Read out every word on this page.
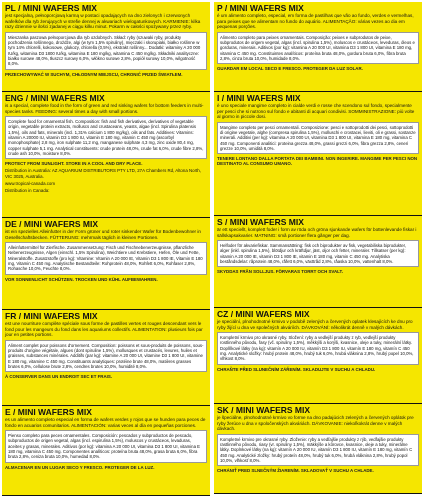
PL / MINI WAFERS MIX
jest specjalną, pełnoporcjową karmą w postaci opadających na dno zielonych i czerwonych wafelków dla ryb żerujących w strefie dennej w akwariach wielogatunkowych. KARMIENIE: kilka razy dziennie w ilości zjadanej w ciągu kilku minut. Pokarm w całości spożywany przez ryby.
Mieszanka paszowa pełnoporcjowa dla ryb ozdobnych. Skład: ryby (szuwaki ryby, produkty pochodzenia roślinnego, drożdże, algi (w tym 1,5% spiruliny), mięczaki i skorupiaki, białko roślinne w tym 14% chlorelli, kokosowe, glukozy, chlorella (0,5%), ekstrakt roślinny... Dodatki: witaminy A 20 000 IU/kg, witamina D3 1800 IU/kg, witamina E 180 mg/kg, witamina C 450 mg/kg. Składniki analityczne: białko surowe 48,0%, tłuszcz surowy 6,0%, włókno surowe 2,8%, popiół surowy 10,0%, wilgotność 8,0%.
PRZECHOWYWAĆ W SUCHYM, CHŁODNYM MIEJSCU, CHRONIĆ PRZED ŚWIATŁEM.
ENG / MINI WAFERS MIX
is a special, complete food in the form of green and red sinking wafers for bottom feeders in multi-species tanks. FEEDING: several times a day with small portions.
Complete food for ornamental fish. Composition: fish and fish derivatives, derivatives of vegetable origin, vegetable protein extracts, molluscs and crustaceans, yeasts, algae (incl. Spirulina platensis 1,5%), oils and fats, minerals (incl. 1,31% calcium 1 800 mg/kg), oils and fats. Additives: Vitamins: vitamin A 20000 IU, vitamin D3 1 800 IU, vitamin E 180 mg, vitamin C 450 mg (ascorbyl monophosphate) 2,8 mg, iron sulphate 11,2 mg, manganese sulphate 4,3 mg, zinc oxide 80,4 mg, copper sulphate 5,1 mg. Analytical constituents: crude protein 48,0%, crude fat 6,0%, crude fibre 2,8%, crude ash 10,0%, moisture 8,0%.
PROTECT FROM SUNLIGHT. STORE IN A COOL AND DRY PLACE.
Distribution in Australia: AZ AQUARIUM DISTRIBUTORS PTY LTD, 27A Chambers Rd, Altona North, VIC 3025, Australia.
www.tropical-canada.com
Distribution in Canada:
DE / MINI WAFERS MIX
ist ein spezielles Alleinfutter in der Form grüner und roter sinkender Wafer für Bodenbewohner in Gesellschaftsbecken. FÜTTERUNG: mehrmals täglich in kleinen Portionen.
Alleinfuttermittel für Zierfische. Zusammensetzung: Fisch und Fischnebenerzeugnisse, pflanzliche Nebenerzeugnisse, Algen (einschl. 1,5% Spirulina), Weichtiere und Krebstiere, Hefen, Öle und Fette, Mineralstoffe. Zusatzstoffe (pro kg): Vitamine: Vitamin A 20 000 IE, Vitamin D3 1 800 IE, Vitamin E 180 mg, Vitamin C 450 mg. Analytische Bestandteile: Rohprotein 48,0%, Rohfett 6,0%, Rohfaser 2,8%, Rohasche 10,0%, Feuchte 8,0%.
VOR SONNENLICHT SCHÜTZEN. TROCKEN UND KÜHL AUFBEWAHREN.
FR / MINI WAFERS MIX
est une nourriture complète spéciale sous forme de pastilles vertes et rouges descendant vers le fond pour les mangeurs du fond dans les aquariums collectifs. ALIMENTATION: plusieurs fois par jour en petites portions.
Aliment complet pour poissons d'ornement. Composition: poissons et sous-produits de poissons, sous-produits d'origine végétale, algues (dont spiruline 1,5%), mollusques et crustacés, levures, huiles et graisses, substances minérales. Additifs (par kg): vitamine A 20 000 UI, vitamine D3 1 800 UI, vitamine E 180 mg, vitamine C 450 mg. Constituants analytiques: protéine brute 48,0%, matières grasses brutes 6,0%, cellulose brute 2,8%, cendres brutes 10,0%, humidité 8,0%.
À CONSERVER DANS UN ENDROIT SEC ET FRAIS.
E / MINI WAFERS MIX
es un alimento completo especial en forma de wafers verdes y rojos que se hunden para peces de fondo en acuarios comunitarios. ALIMENTACIÓN: varias veces al día en pequeñas porciones.
Pienso completo para peces ornamentales. Composición: pescados y subproductos de pescado, subproductos de origen vegetal, algas (incl. espirulina 1,5%), moluscos y crustáceos, levaduras, aceites y grasas, minerales. Aditivos (por kg): vitamina A 20 000 UI, vitamina D3 1 800 UI, vitamina E 180 mg, vitamina C 450 mg. Componentes analíticos: proteína bruta 48,0%, grasa bruta 6,0%, fibra bruta 2,8%, ceniza bruta 10,0%, humedad 8,0%.
ALMACENAR EN UN LUGAR SECO Y FRESCO. PROTEGER DE LA LUZ.
P / MINI WAFERS MIX
é um alimento completo, especial, em forma de pastilhas que vão ao fundo, verdes e vermelhas, para peixes que se alimentam no fundo do aquário. ALIMENTAÇÃO: várias vezes ao dia em pequenas porções.
Alimento completo para peixes ornamentais. Composição: peixes e subprodutos de peixe, subprodutos de origem vegetal, algas (incl. spirulina 1,5%), moluscos e crustáceos, leveduras, óleos e gorduras, minerais. Aditivos (por kg): vitamina A 20 000 UI, vitamina D3 1 800 UI, vitamina E 180 mg, vitamina C 450 mg. Constituintes analíticos: proteína bruta 48,0%, gordura bruta 6,0%, fibra bruta 2,8%, cinza bruta 10,0%, humidade 8,0%.
GUARDAR EM LOCAL SECO E FRESCO. PROTEGER DA LUZ SOLAR.
I / MINI WAFERS MIX
è uno speciale mangime completo in cialde verdi e rosse che scendono sul fondo, specialmente per pesci che si nutrono sul fondo e abitanti di acquari condivisi. SOMMINISTRAZIONE: più volte al giorno in piccole dosi.
Mangime completo per pesci ornamentali. Composizione: pesci e sottoprodotti dei pesci, sottoprodotti di origine vegetale, alghe (compresa spirulina 1,5%), molluschi e crostacei, lieviti, oli e grassi, sostanze minerali. Additivi (per kg): vitamina A 20 000 UI, vitamina D3 1 800 UI, vitamina E 180 mg, vitamina C 450 mg. Componenti analitici: proteina grezza 48,0%, grassi grezzi 6,0%, fibra grezza 2,8%, ceneri grezze 10,0%, umidità 8,0%.
TENERE LONTANO DALLA PORTATA DEI BAMBINI. NON INGERIRE. MANGIME PER PESCI NON DESTINATO AL CONSUMO UMANO.
S / MINI WAFERS MIX
är ett speciellt, komplett foder i form av röda och gröna sjunkande wafers för bottenlevande fiskar i sällskapsakvarier. MATNING: små portioner flera gånger per dag.
Helfoder för akvariefiskar. Sammansättning: fisk och biprodukter av fisk, vegetabiliska biprodukter, alger (inkl. spirulina 1,5%), blötdjur och kräftdjur, jäst, oljor och fetter, mineraler. Tillsatser (per kg): vitamin A 20 000 IE, vitamin D3 1 800 IE, vitamin E 180 mg, vitamin C 450 mg. Analytiska beståndsdelar: råprotein 48,0%, råfett 6,0%, växttråd 2,8%, råaska 10,0%, vattenhalt 8,0%.
SKYDDAS FRÅN SOLLJUS. FÖRVARAS TORRT OCH SVALT.
CZ / MINI WAFERS MIX
je speciální, plnohodnotné krmivo v podobě zelených a červených oplatek klesajících ke dnu pro ryby žijící u dna ve společných akváriích. DÁVKOVÁNÍ: několikrát denně v malých dávkách.
Kompletní krmivo pro okrasné ryby. Složení: ryby a vedlejší produkty z ryb, vedlejší produkty rostlinného původu, řasy (vč. spiruliny 1,5%), měkkýši a korýši, kvasnice, oleje a tuky, minerální látky. Doplňkové látky (na kg): vitamín A 20 000 IU, vitamín D3 1 800 IU, vitamín E 180 mg, vitamín C 450 mg. Analytické složky: hrubý protein 48,0%, hrubý tuk 6,0%, hrubá vláknina 2,8%, hrubý popel 10,0%, vlhkost 8,0%.
CHRAŇTE PŘED SLUNEČNÍM ZÁŘENÍM. SKLADUJTE V SUCHU A CHLADU.
SK / MINI WAFERS MIX
je špeciálne, plnohodnotné krmivo vo forme na dno padajúcich zelených a červených oplátok pre ryby žerúce u dna v spoločenských akváriách. DÁVKOVANIE: niekoľkokrát denne v malých dávkach.
Kompletné krmivo pre okrasné ryby. Zloženie: ryby a vedľajšie produkty z rýb, vedľajšie produkty rastlinného pôvodu, riasy (vr. spiruliny 1,5%), mäkkýše a kôrovce, kvasnice, oleje a tuky, minerálne látky. Doplnkové látky (na kg): vitamín A 20 000 IU, vitamín D3 1 800 IU, vitamín E 180 mg, vitamín C 450 mg. Analytické zložky: hrubý proteín 48,0%, hrubý tuk 6,0%, hrubá vláknina 2,8%, hrubý popol 10,0%, vlhkosť 8,0%.
CHRÁNIŤ PRED SLNEČNÝM ŽIARENÍM. SKLADOVAŤ V SUCHU A CHLADE.
